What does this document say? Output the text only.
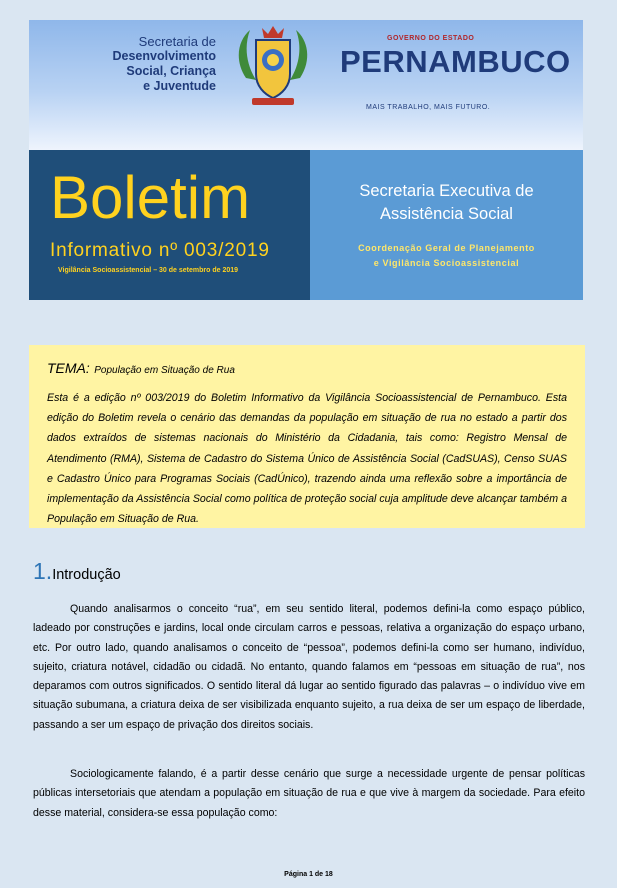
Secretaria de
Desenvolvimento
Social, Criança
e Juventude
GOVERNO DO ESTADO
PERNAMBUCO
MAIS TRABALHO, MAIS FUTURO.
Boletim
Informativo nº 003/2019
Vigilância Socioassistencial – 30 de setembro de 2019
Secretaria Executiva de
Assistência Social
Coordenação Geral de Planejamento
e Vigilância Socioassistencial
TEMA: População em Situação de Rua
Esta é a edição nº 003/2019 do Boletim Informativo da Vigilância Socioassistencial de Pernambuco. Esta edição do Boletim revela o cenário das demandas da população em situação de rua no estado a partir dos dados extraídos de sistemas nacionais do Ministério da Cidadania, tais como: Registro Mensal de Atendimento (RMA), Sistema de Cadastro do Sistema Único de Assistência Social (CadSUAS), Censo SUAS e Cadastro Único para Programas Sociais (CadÚnico), trazendo ainda uma reflexão sobre a importância de implementação da Assistência Social como política de proteção social cuja amplitude deve alcançar também a População em Situação de Rua.
1.Introdução

Quando analisarmos o conceito “rua”, em seu sentido literal, podemos defini-la como espaço público, ladeado por construções e jardins, local onde circulam carros e pessoas, relativa a organização do espaço urbano, etc. Por outro lado, quando analisamos o conceito de “pessoa”, podemos defini-la como ser humano, indivíduo, sujeito, criatura notável, cidadão ou cidadã. No entanto, quando falamos em “pessoas em situação de rua”, nos deparamos com outros significados. O sentido literal dá lugar ao sentido figurado das palavras – o indivíduo vive em situação subumana, a criatura deixa de ser visibilizada enquanto sujeito, a rua deixa de ser um espaço de liberdade, passando a ser um espaço de privação dos direitos sociais.

Sociologicamente falando, é a partir desse cenário que surge a necessidade urgente de pensar políticas públicas intersetoriais que atendam a população em situação de rua e que vive à margem da sociedade. Para efeito desse material, considera-se essa população como:

Página 1 de 18
